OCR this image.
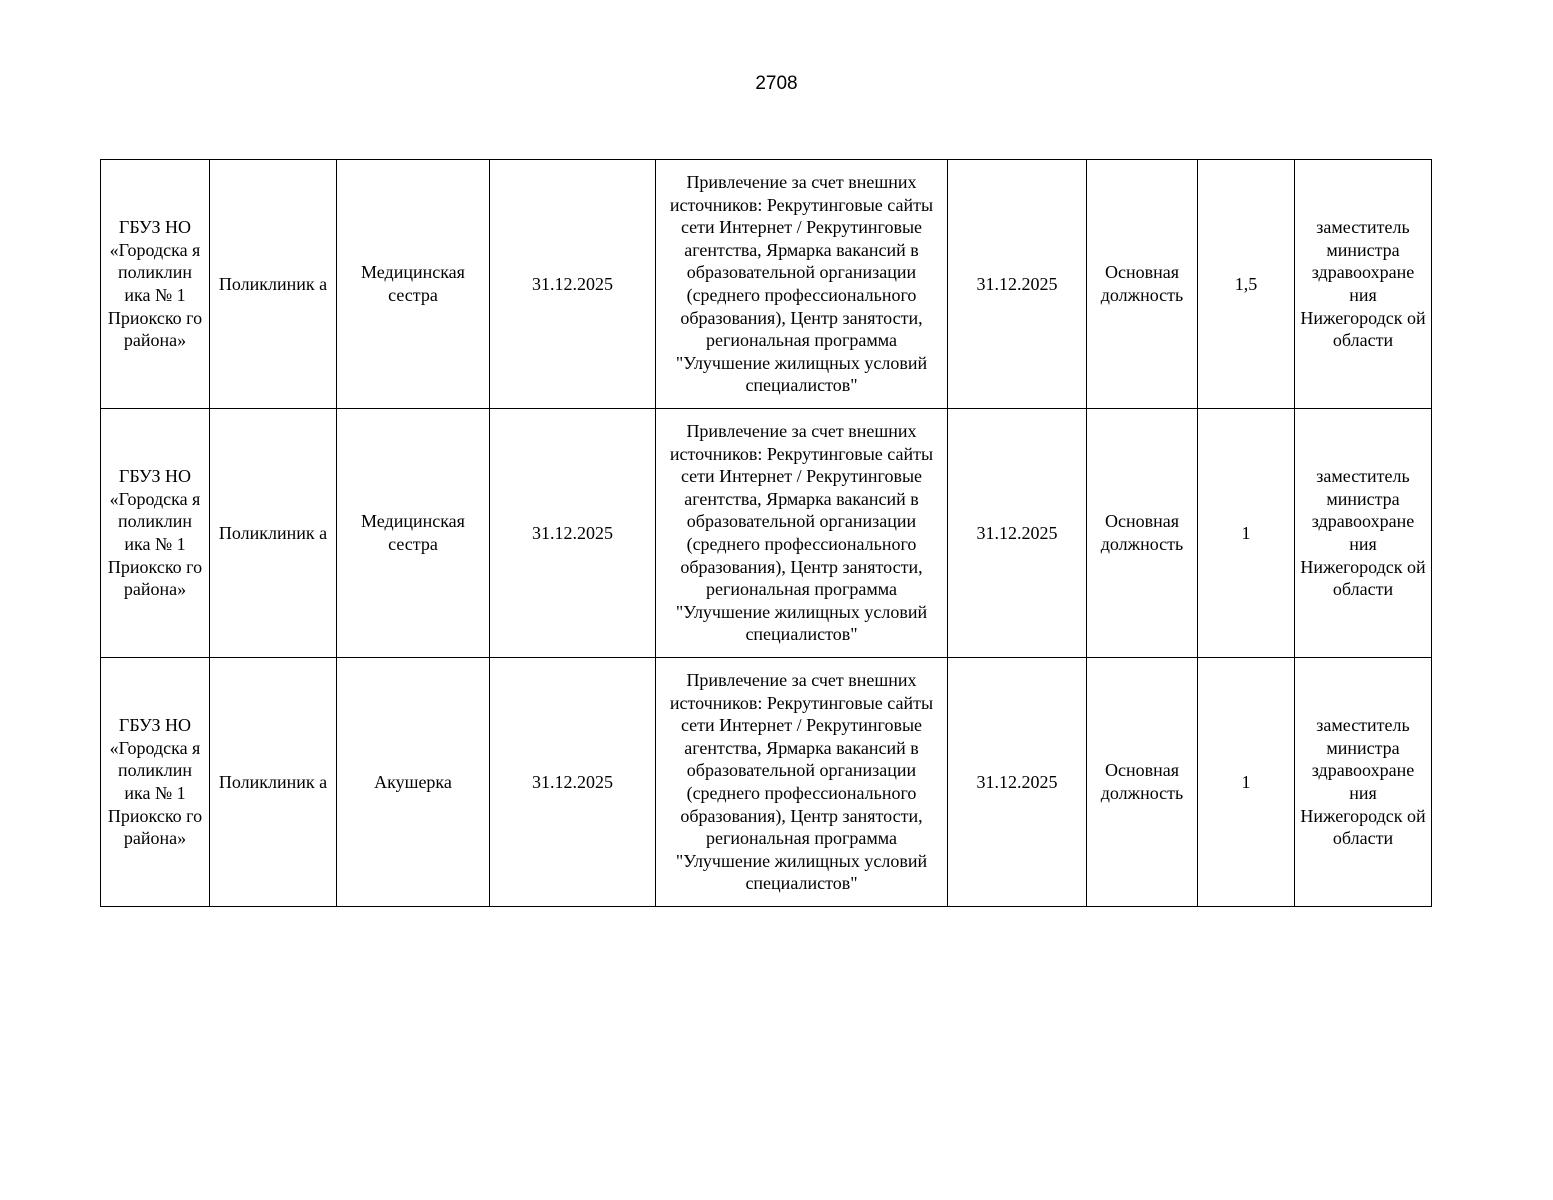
2708
ГБУЗ НО «Городска я поликлин ика № 1 Приокско го района»	Поликлиник а	Медицинская сестра	31.12.2025	Привлечение за счет внешних источников: Рекрутинговые сайты сети Интернет / Рекрутинговые агентства, Ярмарка вакансий в образовательной организации (среднего профессионального образования), Центр занятости, региональная программа "Улучшение жилищных условий специалистов"	31.12.2025	Основная должность	1,5	заместитель министра здравоохране ния Нижегородск ой области
ГБУЗ НО «Городска я поликлин ика № 1 Приокско го района»	Поликлиник а	Медицинская сестра	31.12.2025	Привлечение за счет внешних источников: Рекрутинговые сайты сети Интернет / Рекрутинговые агентства, Ярмарка вакансий в образовательной организации (среднего профессионального образования), Центр занятости, региональная программа "Улучшение жилищных условий специалистов"	31.12.2025	Основная должность	1	заместитель министра здравоохране ния Нижегородск ой области
ГБУЗ НО «Городска я поликлин ика № 1 Приокско го района»	Поликлиник а	Акушерка	31.12.2025	Привлечение за счет внешних источников: Рекрутинговые сайты сети Интернет / Рекрутинговые агентства, Ярмарка вакансий в образовательной организации (среднего профессионального образования), Центр занятости, региональная программа "Улучшение жилищных условий специалистов"	31.12.2025	Основная должность	1	заместитель министра здравоохране ния Нижегородск ой области
